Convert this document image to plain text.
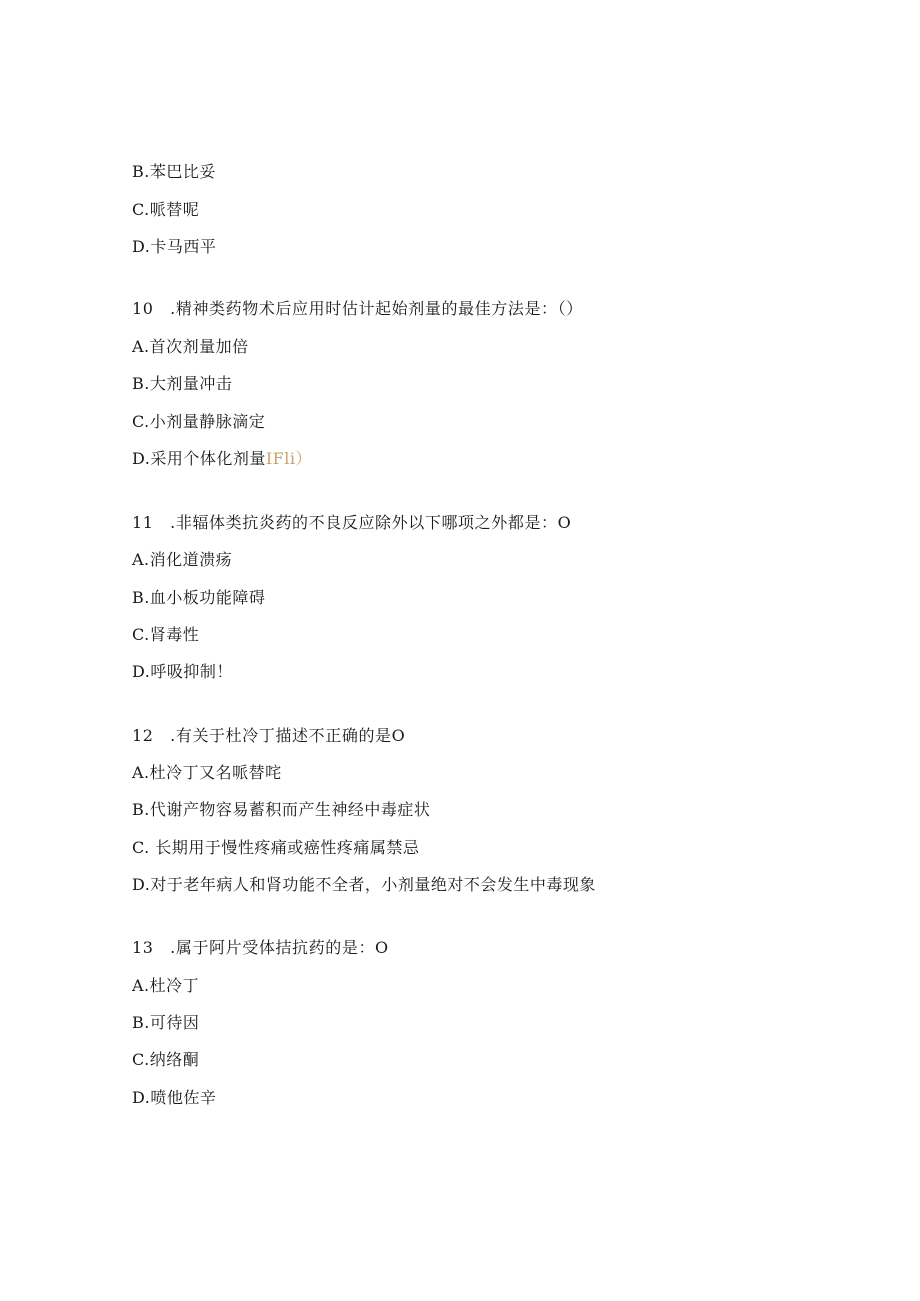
B.苯巴比妥
C.哌替呢
D.卡马西平
10　.精神类药物术后应用时估计起始剂量的最佳方法是：（）
A.首次剂量加倍
B.大剂量冲击
C.小剂量静脉滴定
D.采用个体化剂量IFli）
11　.非辐体类抗炎药的不良反应除外以下哪项之外都是：O
A.消化道溃疡
B.血小板功能障碍
C.肾毒性
D.呼吸抑制！
12　.有关于杜冷丁描述不正确的是O
A.杜冷丁又名哌替咤
B.代谢产物容易蓄积而产生神经中毒症状
C. 长期用于慢性疼痛或癌性疼痛属禁忌
D.对于老年病人和肾功能不全者，小剂量绝对不会发生中毒现象
13　.属于阿片受体拮抗药的是：O
A.杜冷丁
B.可待因
C.纳络酮
D.喷他佐辛
